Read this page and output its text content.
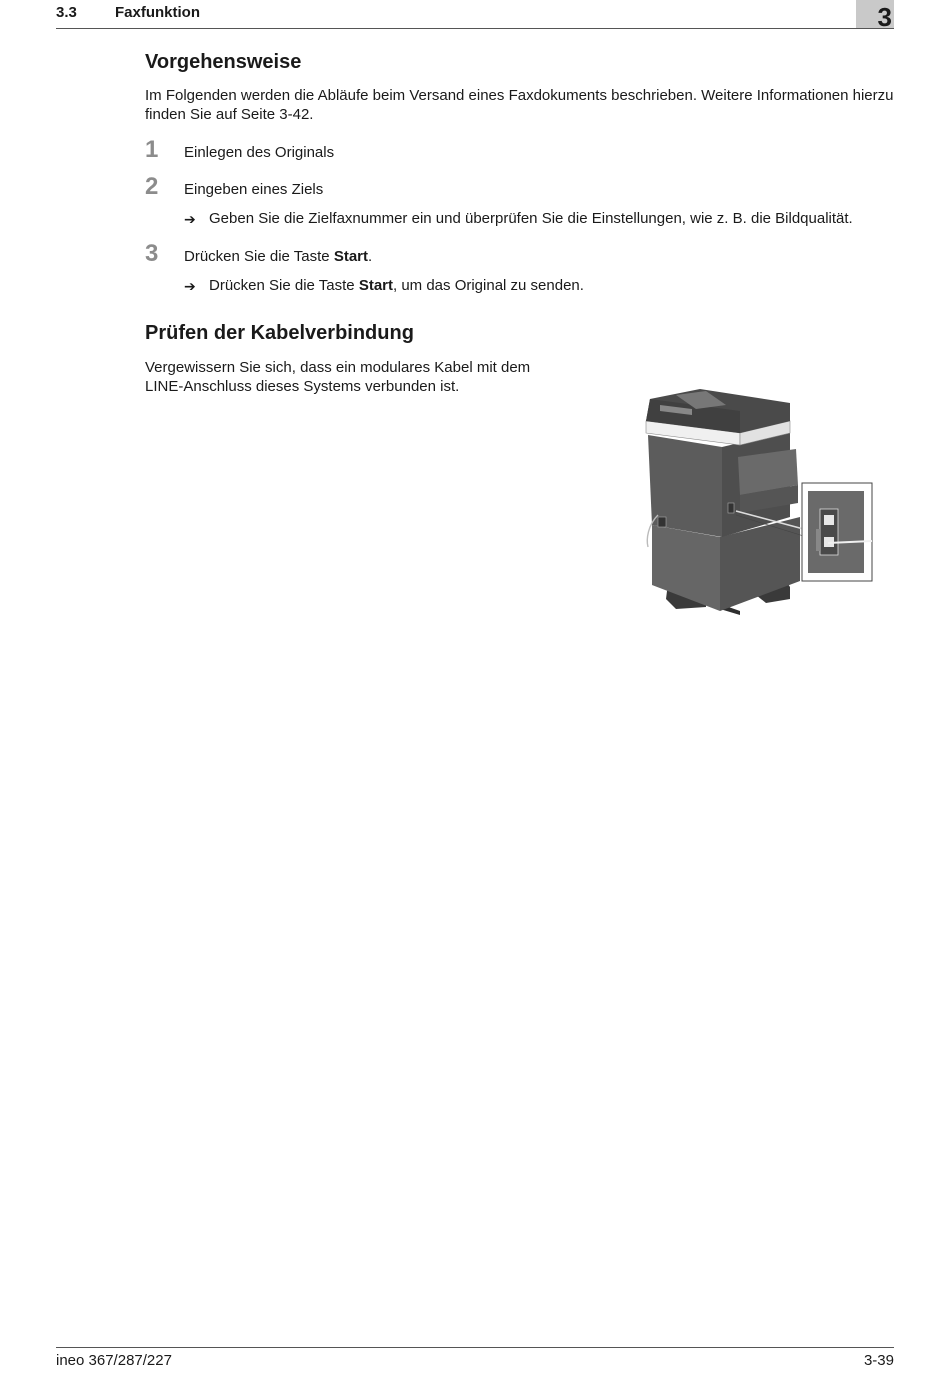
3.3	Faxfunktion	3
Vorgehensweise
Im Folgenden werden die Abläufe beim Versand eines Faxdokuments beschrieben. Weitere Informationen hierzu finden Sie auf Seite 3-42.
1 Einlegen des Originals
2 Eingeben eines Ziels
➔ Geben Sie die Zielfaxnummer ein und überprüfen Sie die Einstellungen, wie z. B. die Bildqualität.
3 Drücken Sie die Taste Start.
➔ Drücken Sie die Taste Start, um das Original zu senden.
Prüfen der Kabelverbindung
Vergewissern Sie sich, dass ein modulares Kabel mit dem
LINE-Anschluss dieses Systems verbunden ist.
ineo 367/287/227	3-39
